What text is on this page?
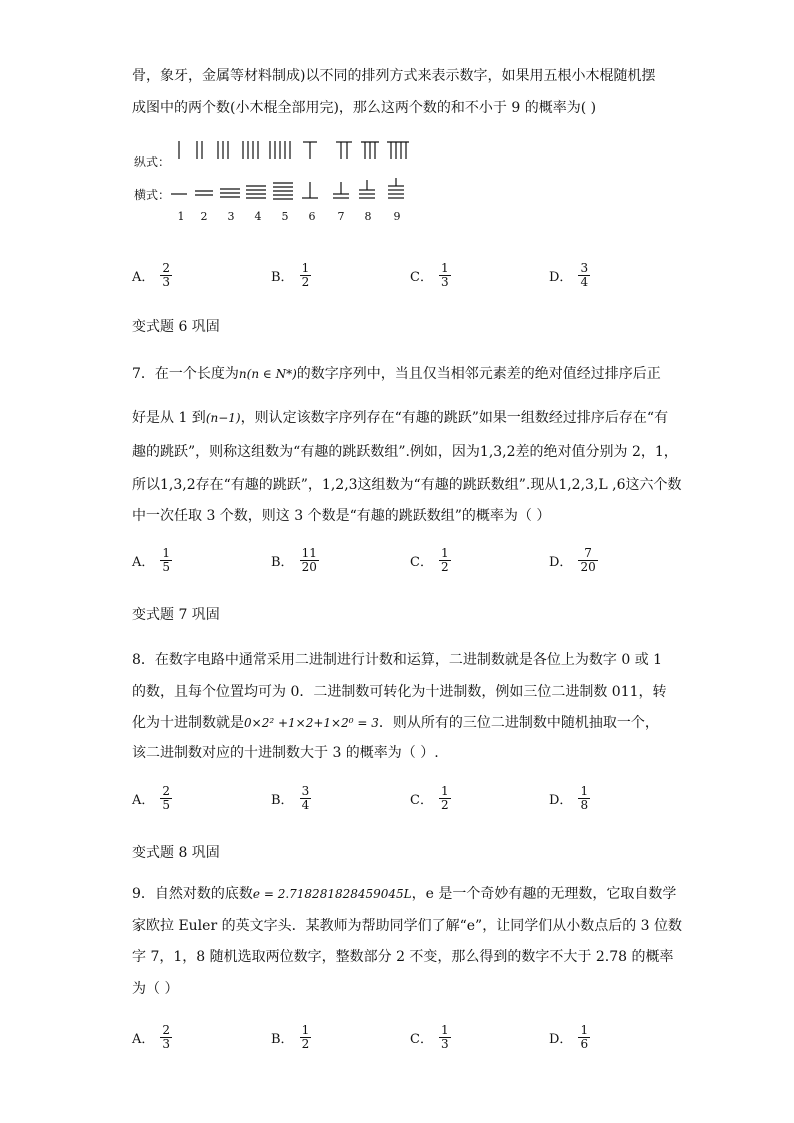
骨，象牙，金属等材料制成)以不同的排列方式来表示数字，如果用五根小木棍随机摆
成图中的两个数(小木棍全部用完)，那么这两个数的和不小于 9 的概率为( )
纵式：
横式：
1	2	3	4	5	6	7	8	9
A． $\frac{2}{3}$	B． $\frac{1}{2}$	C． $\frac{1}{3}$	D． $\frac{3}{4}$
变式题 6 巩固
7．在一个长度为n(n ∈ N*)的数字序列中，当且仅当相邻元素差的绝对值经过排序后正
好是从 1 到(n−1)，则认定该数字序列存在“有趣的跳跃”如果一组数经过排序后存在“有
趣的跳跃”，则称这组数为“有趣的跳跃数组”.例如，因为1,3,2差的绝对值分别为 2，1，
所以1,3,2存在“有趣的跳跃”，1,2,3这组数为“有趣的跳跃数组”.现从1,2,3,L ,6这六个数
中一次任取 3 个数，则这 3 个数是“有趣的跳跃数组”的概率为（ ）
A． $\frac{1}{5}$	B． $\frac{11}{20}$	C． $\frac{1}{2}$	D． $\frac{7}{20}$
变式题 7 巩固
8．在数字电路中通常采用二进制进行计数和运算，二进制数就是各位上为数字 0 或 1
的数，且每个位置均可为 0．二进制数可转化为十进制数，例如三位二进制数 011，转
化为十进制数就是0×2² +1×2+1×2⁰ = 3．则从所有的三位二进制数中随机抽取一个，
该二进制数对应的十进制数大于 3 的概率为（ ）.
A． $\frac{2}{5}$	B． $\frac{3}{4}$	C． $\frac{1}{2}$	D． $\frac{1}{8}$
变式题 8 巩固
9．自然对数的底数e = 2.718281828459045L，e 是一个奇妙有趣的无理数，它取自数学
家欧拉 Euler 的英文字头．某教师为帮助同学们了解“e”，让同学们从小数点后的 3 位数
字 7，1，8 随机选取两位数字，整数部分 2 不变，那么得到的数字不大于 2.78 的概率
为（ ）
A． $\frac{2}{3}$	B． $\frac{1}{2}$	C． $\frac{1}{3}$	D． $\frac{1}{6}$
